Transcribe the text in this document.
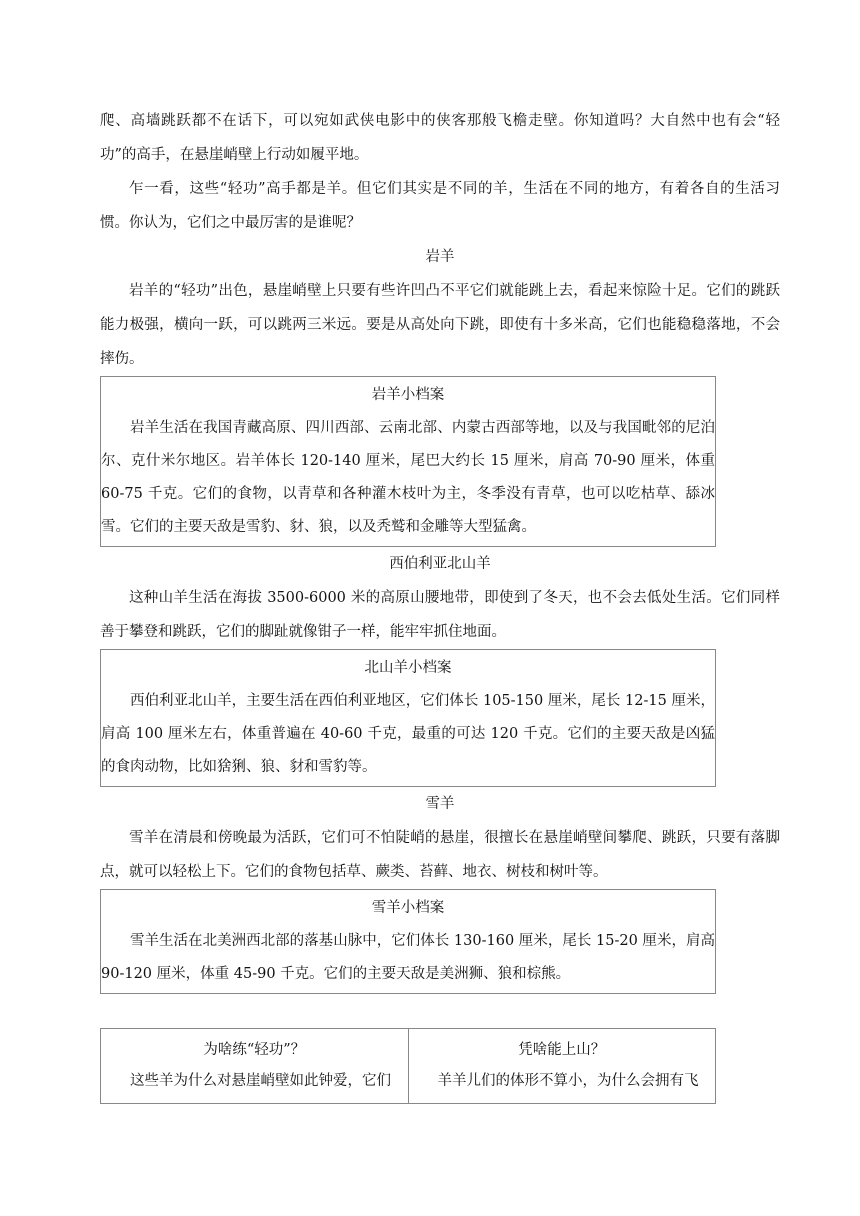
爬、高墙跳跃都不在话下，可以宛如武侠电影中的侠客那般飞檐走壁。你知道吗？大自然中也有会“轻功”的高手，在悬崖峭壁上行动如履平地。

乍一看，这些“轻功”高手都是羊。但它们其实是不同的羊，生活在不同的地方，有着各自的生活习惯。你认为，它们之中最厉害的是谁呢？

岩羊

岩羊的“轻功”出色，悬崖峭壁上只要有些许凹凸不平它们就能跳上去，看起来惊险十足。它们的跳跃能力极强，横向一跃，可以跳两三米远。要是从高处向下跳，即使有十多米高，它们也能稳稳落地，不会摔伤。

岩羊小档案

岩羊生活在我国青藏高原、四川西部、云南北部、内蒙古西部等地，以及与我国毗邻的尼泊尔、克什米尔地区。岩羊体长 120-140 厘米，尾巴大约长 15 厘米，肩高 70-90 厘米，体重 60-75 千克。它们的食物，以青草和各种灌木枝叶为主，冬季没有青草，也可以吃枯草、舔冰雪。它们的主要天敌是雪豹、豺、狼，以及秃鹫和金雕等大型猛禽。

西伯利亚北山羊

这种山羊生活在海拔 3500-6000 米的高原山腰地带，即使到了冬天，也不会去低处生活。它们同样善于攀登和跳跃，它们的脚趾就像钳子一样，能牢牢抓住地面。

北山羊小档案

西伯利亚北山羊，主要生活在西伯利亚地区，它们体长 105-150 厘米，尾长 12-15 厘米，肩高 100 厘米左右，体重普遍在 40-60 千克，最重的可达 120 千克。它们的主要天敌是凶猛的食肉动物，比如猞猁、狼、豺和雪豹等。

雪羊

雪羊在清晨和傍晚最为活跃，它们可不怕陡峭的悬崖，很擅长在悬崖峭壁间攀爬、跳跃，只要有落脚点，就可以轻松上下。它们的食物包括草、蕨类、苔藓、地衣、树枝和树叶等。

雪羊小档案

雪羊生活在北美洲西北部的落基山脉中，它们体长 130-160 厘米，尾长 15-20 厘米，肩高 90-120 厘米，体重 45-90 千克。它们的主要天敌是美洲狮、狼和棕熊。

为啥练“轻功”？

这些羊为什么对悬崖峭壁如此钟爱，它们

凭啥能上山？

羊羊儿们的体形不算小，为什么会拥有飞
